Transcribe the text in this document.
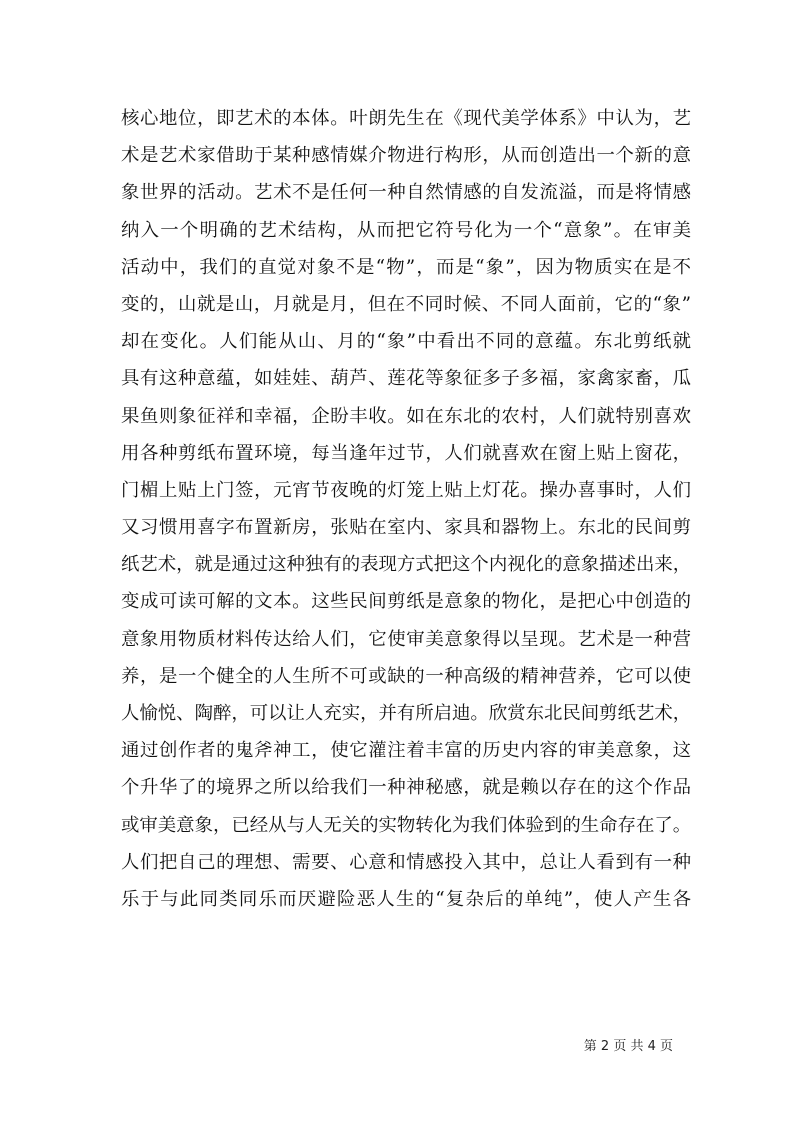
核心地位，即艺术的本体。叶朗先生在《现代美学体系》中认为，艺
术是艺术家借助于某种感情媒介物进行构形，从而创造出一个新的意
象世界的活动。艺术不是任何一种自然情感的自发流溢，而是将情感
纳入一个明确的艺术结构，从而把它符号化为一个“意象”。在审美
活动中，我们的直觉对象不是“物”，而是“象”，因为物质实在是不
变的，山就是山，月就是月，但在不同时候、不同人面前，它的“象”
却在变化。人们能从山、月的“象”中看出不同的意蕴。东北剪纸就
具有这种意蕴，如娃娃、葫芦、莲花等象征多子多福，家禽家畜，瓜
果鱼则象征祥和幸福，企盼丰收。如在东北的农村，人们就特别喜欢
用各种剪纸布置环境，每当逢年过节，人们就喜欢在窗上贴上窗花，
门楣上贴上门签，元宵节夜晚的灯笼上贴上灯花。操办喜事时，人们
又习惯用喜字布置新房，张贴在室内、家具和器物上。东北的民间剪
纸艺术，就是通过这种独有的表现方式把这个内视化的意象描述出来，
变成可读可解的文本。这些民间剪纸是意象的物化，是把心中创造的
意象用物质材料传达给人们，它使审美意象得以呈现。艺术是一种营
养，是一个健全的人生所不可或缺的一种高级的精神营养，它可以使
人愉悦、陶醉，可以让人充实，并有所启迪。欣赏东北民间剪纸艺术，
通过创作者的鬼斧神工，使它灌注着丰富的历史内容的审美意象，这
个升华了的境界之所以给我们一种神秘感，就是赖以存在的这个作品
或审美意象，已经从与人无关的实物转化为我们体验到的生命存在了。
人们把自己的理想、需要、心意和情感投入其中，总让人看到有一种
乐于与此同类同乐而厌避险恶人生的“复杂后的单纯”，使人产生各
第 2 页 共 4 页
